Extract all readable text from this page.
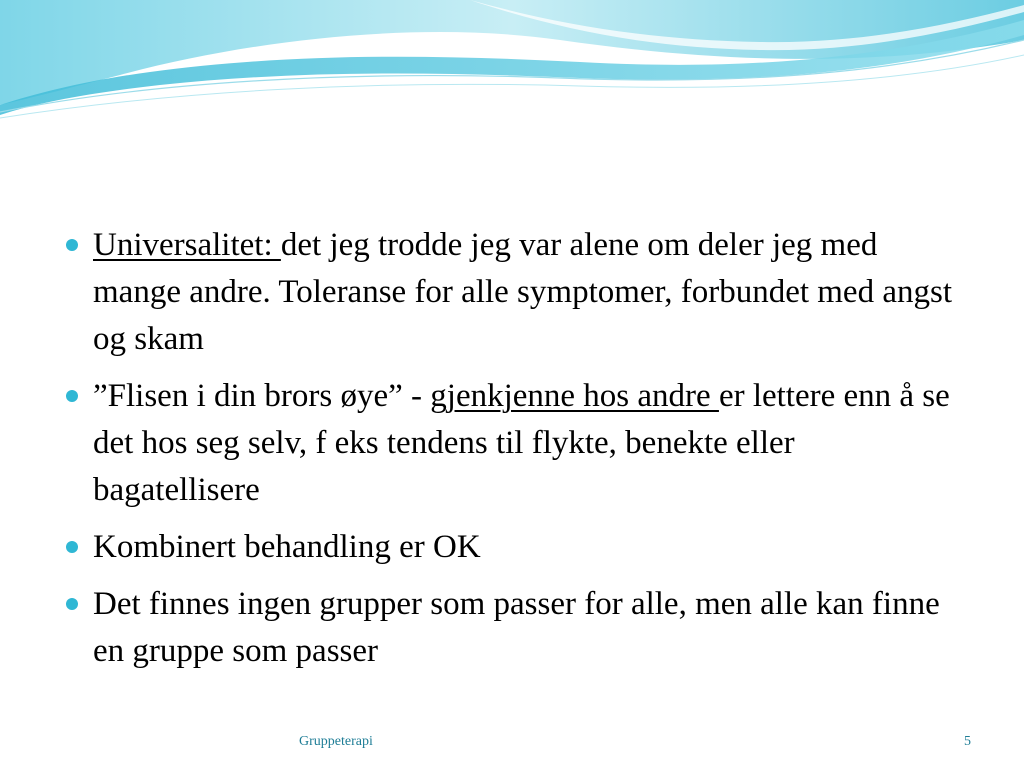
Universalitet: det jeg trodde jeg var alene om deler jeg med mange andre. Toleranse for alle symptomer, forbundet med angst og skam
”Flisen i din brors øye” - gjenkjenne hos andre er lettere enn å se det hos seg selv, f eks tendens til flykte, benekte eller bagatellisere
Kombinert behandling er OK
Det finnes ingen grupper som passer for alle, men alle kan finne en gruppe som passer
Gruppeterapi	5
